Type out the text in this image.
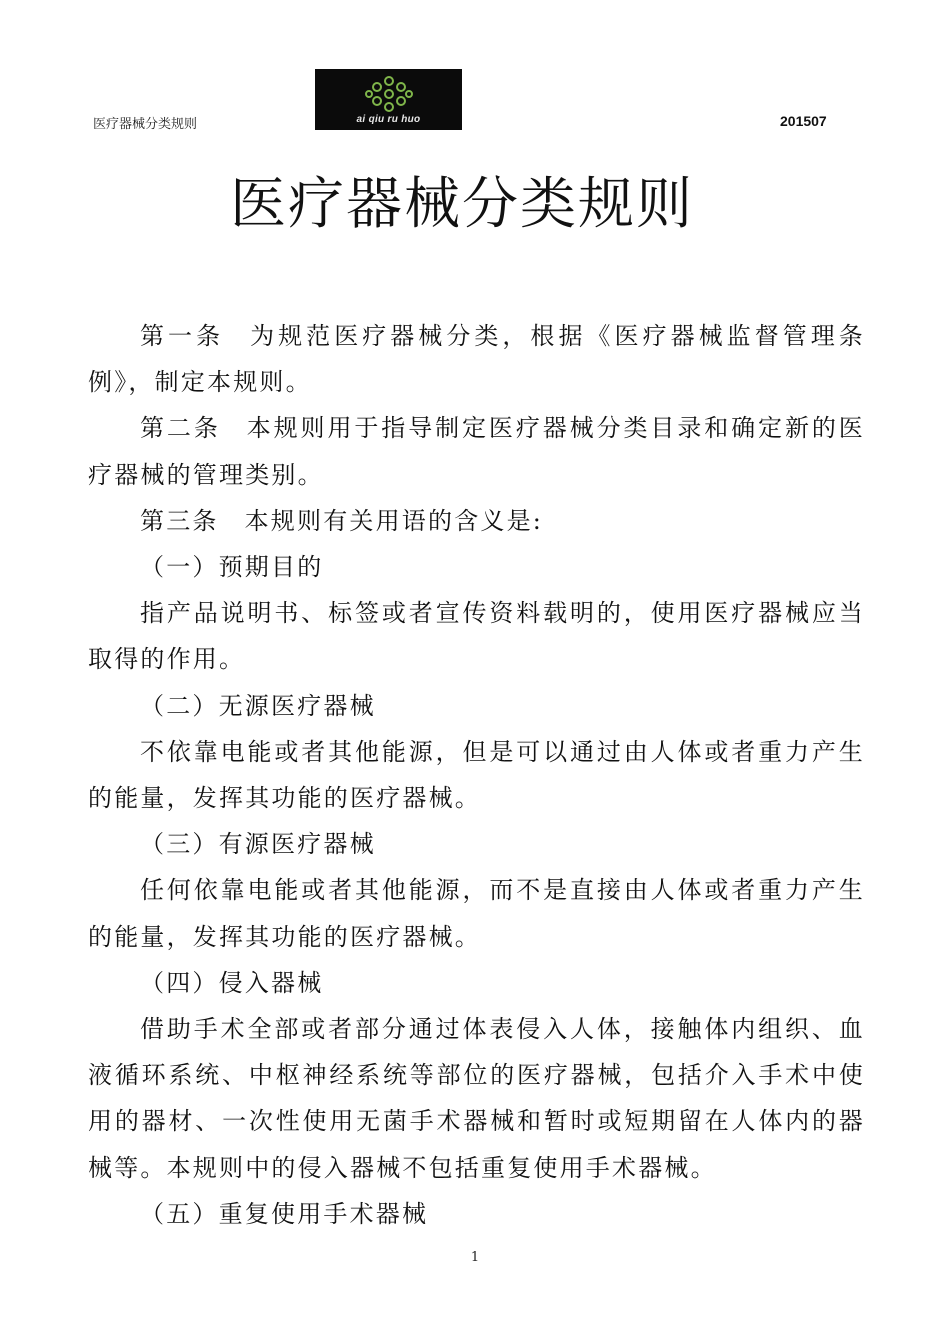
医疗器械分类规则	ai qiu ru huo	201507
医疗器械分类规则

第一条 为规范医疗器械分类，根据《医疗器械监督管理条例》，制定本规则。

第二条 本规则用于指导制定医疗器械分类目录和确定新的医疗器械的管理类别。

第三条 本规则有关用语的含义是:

（一）预期目的

指产品说明书、标签或者宣传资料载明的，使用医疗器械应当取得的作用。

（二）无源医疗器械

不依靠电能或者其他能源，但是可以通过由人体或者重力产生的能量，发挥其功能的医疗器械。

（三）有源医疗器械

任何依靠电能或者其他能源，而不是直接由人体或者重力产生的能量，发挥其功能的医疗器械。

（四）侵入器械

借助手术全部或者部分通过体表侵入人体，接触体内组织、血液循环系统、中枢神经系统等部位的医疗器械，包括介入手术中使用的器材、一次性使用无菌手术器械和暂时或短期留在人体内的器械等。本规则中的侵入器械不包括重复使用手术器械。

（五）重复使用手术器械

1
